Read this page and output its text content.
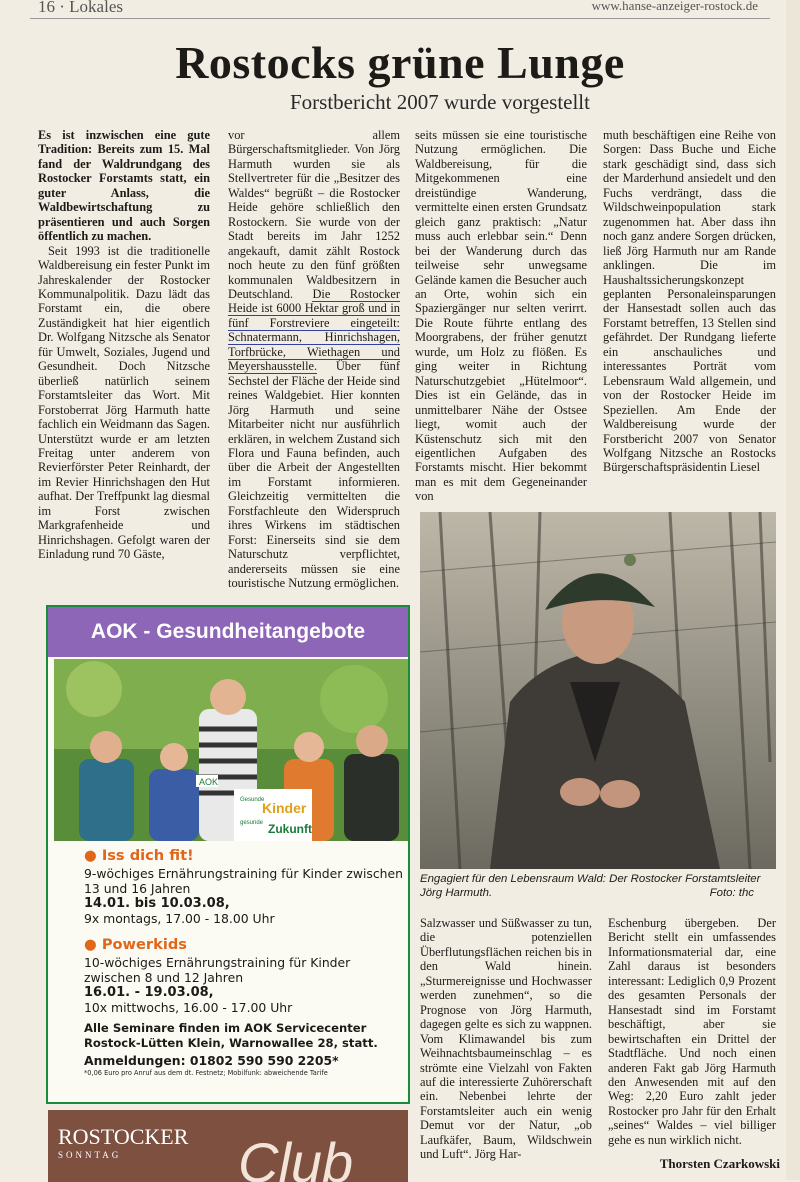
16 · Lokales	www.hanse-anzeiger-rostock.de
Rostocks grüne Lunge
Forstbericht 2007 wurde vorgestellt

Es ist inzwischen eine gute Tradition: Bereits zum 15. Mal fand der Waldrundgang des Rostocker Forstamts statt, ein guter Anlass, die Waldbewirtschaftung zu präsentieren und auch Sorgen öffentlich zu machen.

Seit 1993 ist die traditionelle Waldbereisung ein fester Punkt im Jahreskalender der Rostocker Kommunalpolitik. Dazu lädt das Forstamt ein, die obere Zuständigkeit hat hier eigentlich Dr. Wolfgang Nitzsche als Senator für Umwelt, Soziales, Jugend und Gesundheit. Doch Nitzsche überließ natürlich seinem Forstamtsleiter das Wort. Mit Forstoberrat Jörg Harmuth hatte fachlich ein Weidmann das Sagen. Unterstützt wurde er am letzten Freitag unter anderem von Revierförster Peter Reinhardt, der im Revier Hinrichshagen den Hut aufhat. Der Treffpunkt lag diesmal im Forst zwischen Markgrafenheide und Hinrichshagen. Gefolgt waren der Einladung rund 70 Gäste,

vor allem Bürgerschaftsmitglieder. Von Jörg Harmuth wurden sie als Stellvertreter für die „Besitzer des Waldes“ begrüßt – die Rostocker Heide gehöre schließlich den Rostockern. Sie wurde von der Stadt bereits im Jahr 1252 angekauft, damit zählt Rostock noch heute zu den fünf größten kommunalen Waldbesitzern in Deutschland. Die Rostocker Heide ist 6000 Hektar groß und in fünf Forstreviere eingeteilt: Schnatermann, Hinrichshagen, Torfbrücke, Wiethagen und Meyershausstelle. Über fünf Sechstel der Fläche der Heide sind reines Waldgebiet. Hier konnten Jörg Harmuth und seine Mitarbeiter nicht nur ausführlich erklären, in welchem Zustand sich Flora und Fauna befinden, auch über die Arbeit der Angestellten im Forstamt informieren. Gleichzeitig vermittelten die Forstfachleute den Widerspruch ihres Wirkens im städtischen Forst: Einerseits sind sie dem Naturschutz verpflichtet, andererseits müssen sie eine touristische Nutzung ermöglichen.

seits müssen sie eine touristische Nutzung ermöglichen. Die Waldbereisung, für die Mitgekommenen eine dreistündige Wanderung, vermittelte einen ersten Grundsatz gleich ganz praktisch: „Natur muss auch erlebbar sein.“ Denn bei der Wanderung durch das teilweise sehr unwegsame Gelände kamen die Besucher auch an Orte, wohin sich ein Spaziergänger nur selten verirrt. Die Route führte entlang des Moorgrabens, der früher genutzt wurde, um Holz zu flößen. Es ging weiter in Richtung Naturschutzgebiet „Hütelmoor“. Dies ist ein Gelände, das in unmittelbarer Nähe der Ostsee liegt, womit auch der Küstenschutz sich mit den eigentlichen Aufgaben des Forstamts mischt. Hier bekommt man es mit dem Gegeneinander von

muth beschäftigen eine Reihe von Sorgen: Dass Buche und Eiche stark geschädigt sind, dass sich der Marderhund ansiedelt und den Fuchs verdrängt, dass die Wildschweinpopulation stark zugenommen hat. Aber dass ihn noch ganz andere Sorgen drücken, ließ Jörg Harmuth nur am Rande anklingen. Die im Haushaltssicherungskonzept geplanten Personaleinsparungen der Hansestadt sollen auch das Forstamt betreffen, 13 Stellen sind gefährdet. Der Rundgang lieferte ein anschauliches und interessantes Porträt vom Lebensraum Wald allgemein, und von der Rostocker Heide im Speziellen. Am Ende der Waldbereisung wurde der Forstbericht 2007 von Senator Wolfgang Nitzsche an Rostocks Bürgerschaftspräsidentin Liesel

Engagiert für den Lebensraum Wald: Der Rostocker Forstamtsleiter Jörg Harmuth.	Foto: thc

Salzwasser und Süßwasser zu tun, die potenziellen Überflutungsflächen reichen bis in den Wald hinein. „Sturmereignisse und Hochwasser werden zunehmen“, so die Prognose von Jörg Harmuth, dagegen gelte es sich zu wappnen. Vom Klimawandel bis zum Weihnachtsbaumeinschlag – es strömte eine Vielzahl von Fakten auf die interessierte Zuhörerschaft ein. Nebenbei lehrte der Forstamtsleiter auch ein wenig Demut vor der Natur, „ob Laufkäfer, Baum, Wildschwein und Luft“. Jörg Har-

Eschenburg übergeben. Der Bericht stellt ein umfassendes Informationsmaterial dar, eine Zahl daraus ist besonders interessant: Lediglich 0,9 Prozent des gesamten Personals der Hansestadt sind im Forstamt beschäftigt, aber sie bewirtschaften ein Drittel der Stadtfläche. Und noch einen anderen Fakt gab Jörg Harmuth den Anwesenden mit auf den Weg: 2,20 Euro zahlt jeder Rostocker pro Jahr für den Erhalt „seines“ Waldes – viel billiger gehe es nun wirklich nicht.

Thorsten Czarkowski
AOK - Gesundheitangebote
AOK
Gesunde
Kinder
gesunde Zukunft
● Iss dich fit!
9-wöchiges Ernährungstraining für Kinder zwischen 13 und 16 Jahren
14.01. bis 10.03.08,
9x montags, 17.00 - 18.00 Uhr
● Powerkids
10-wöchiges Ernährungstraining für Kinder zwischen 8 und 12 Jahren
16.01. - 19.03.08,
10x mittwochs, 16.00 - 17.00 Uhr
Alle Seminare finden im AOK Servicecenter Rostock-Lütten Klein, Warnowallee 28, statt.
Anmeldungen: 01802 590 590 2205*
*0,06 Euro pro Anruf aus dem dt. Festnetz; Mobilfunk: abweichende Tarife
ROSTOCKER
SONNTAG	Club
